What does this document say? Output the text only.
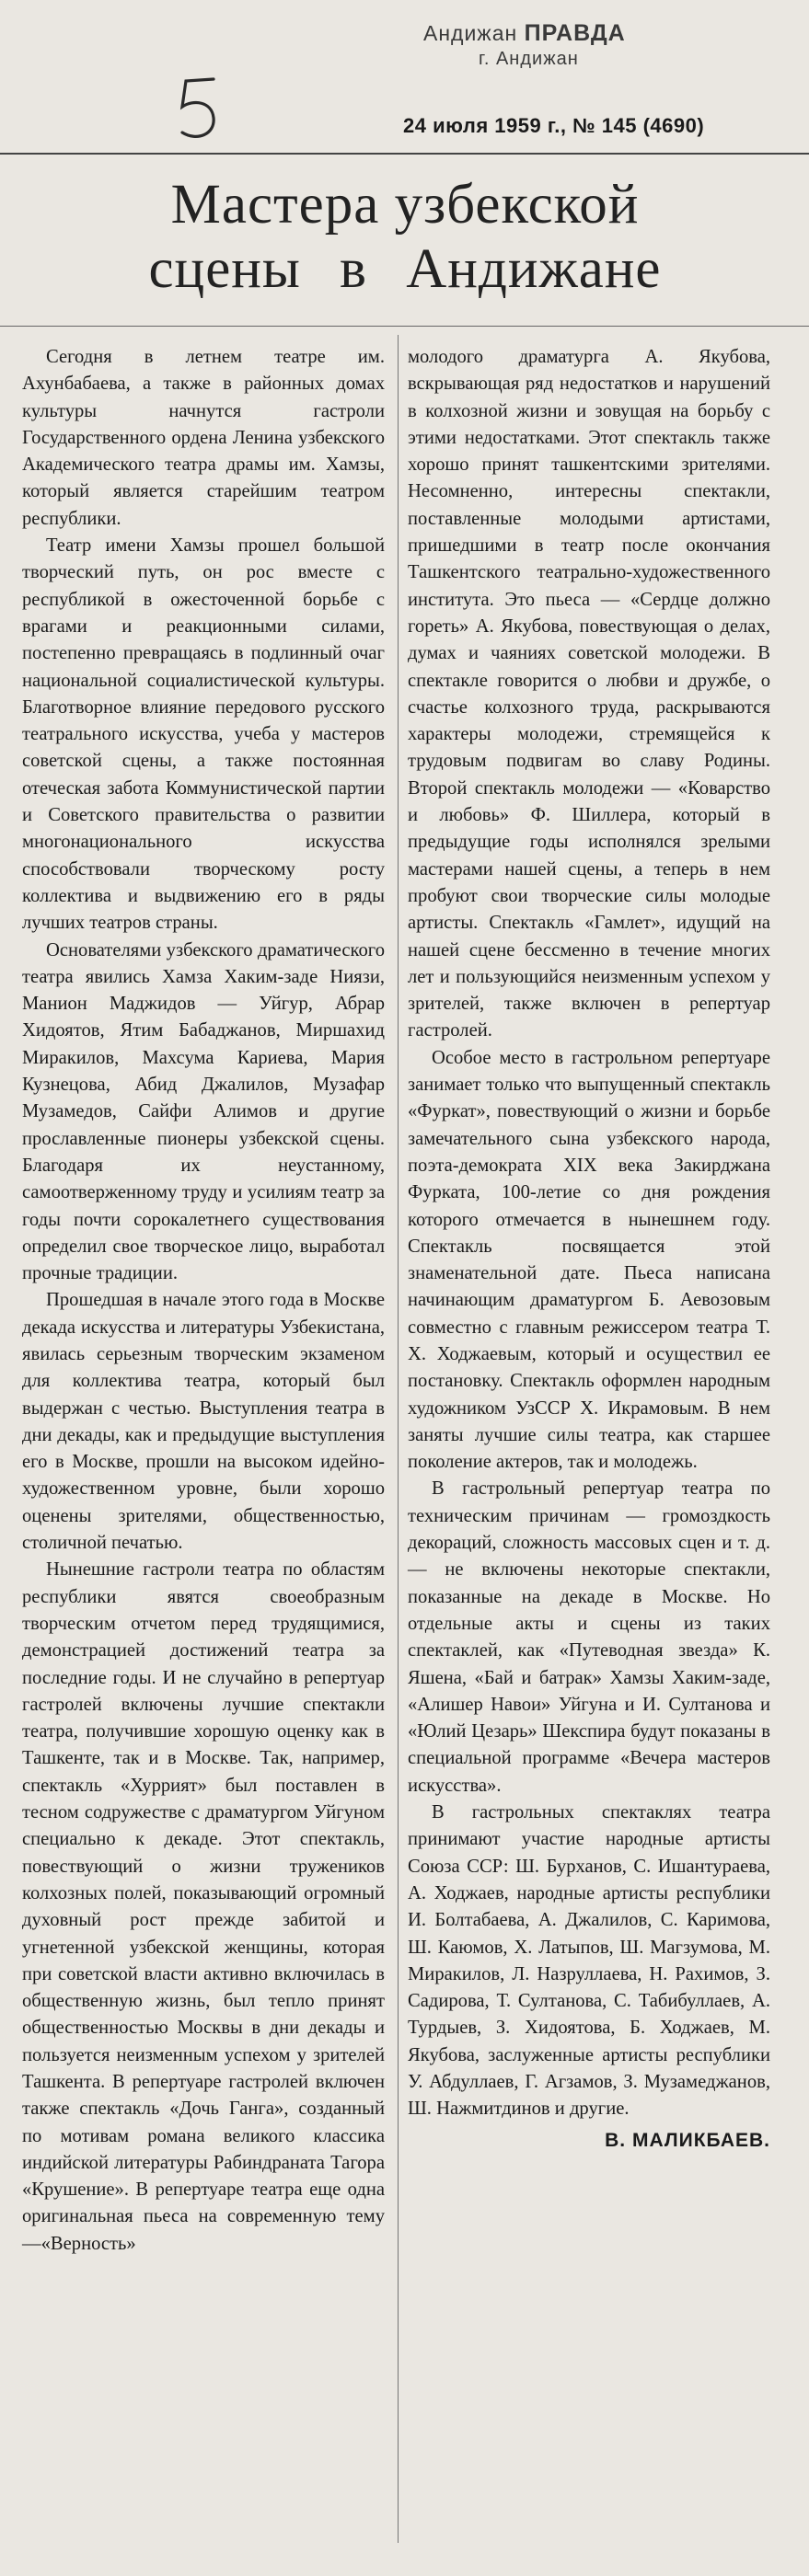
Андижан ПРАВДА
г. Андижан
24 июля 1959 г., № 145 (4690)
Мастера узбекской
сцены в Андижане

Сегодня в летнем театре им. Ахунбабаева, а также в районных домах культуры начнутся гастроли Государственного ордена Ленина узбекского Академического театра драмы им. Хамзы, который является старейшим театром республики.

Театр имени Хамзы прошел большой творческий путь, он рос вместе с республикой в ожесточенной борьбе с врагами и реакционными силами, постепенно превращаясь в подлинный очаг национальной социалистической культуры. Благотворное влияние передового русского театрального искусства, учеба у мастеров советской сцены, а также постоянная отеческая забота Коммунистической партии и Советского правительства о развитии многонационального искусства способствовали творческому росту коллектива и выдвижению его в ряды лучших театров страны.

Основателями узбекского драматического театра явились Хамза Хаким-заде Ниязи, Манион Маджидов — Уйгур, Абрар Хидоятов, Ятим Бабаджанов, Миршахид Миракилов, Махсума Кариева, Мария Кузнецова, Абид Джалилов, Музафар Музамедов, Сайфи Алимов и другие прославленные пионеры узбекской сцены. Благодаря их неустанному, самоотверженному труду и усилиям театр за годы почти сорокалетнего существования определил свое творческое лицо, выработал прочные традиции.

Прошедшая в начале этого года в Москве декада искусства и литературы Узбекистана, явилась серьезным творческим экзаменом для коллектива театра, который был выдержан с честью. Выступления театра в дни декады, как и предыдущие выступления его в Москве, прошли на высоком идейно-художественном уровне, были хорошо оценены зрителями, общественностью, столичной печатью.

Нынешние гастроли театра по областям республики явятся своеобразным творческим отчетом перед трудящимися, демонстрацией достижений театра за последние годы. И не случайно в репертуар гастролей включены лучшие спектакли театра, получившие хорошую оценку как в Ташкенте, так и в Москве. Так, например, спектакль «Хуррият» был поставлен в тесном содружестве с драматургом Уйгуном специально к декаде. Этот спектакль, повествующий о жизни тружеников колхозных полей, показывающий огромный духовный рост прежде забитой и угнетенной узбекской женщины, которая при советской власти активно включилась в общественную жизнь, был тепло принят общественностью Москвы в дни декады и пользуется неизменным успехом у зрителей Ташкента. В репертуаре гастролей включен также спектакль «Дочь Ганга», созданный по мотивам романа великого классика индийской литературы Рабиндраната Тагора «Крушение». В репертуаре театра еще одна оригинальная пьеса на современную тему—«Верность»

молодого драматурга А. Якубова, вскрывающая ряд недостатков и нарушений в колхозной жизни и зовущая на борьбу с этими недостатками. Этот спектакль также хорошо принят ташкентскими зрителями. Несомненно, интересны спектакли, поставленные молодыми артистами, пришедшими в театр после окончания Ташкентского театрально-художественного института. Это пьеса — «Сердце должно гореть» А. Якубова, повествующая о делах, думах и чаяниях советской молодежи. В спектакле говорится о любви и дружбе, о счастье колхозного труда, раскрываются характеры молодежи, стремящейся к трудовым подвигам во славу Родины. Второй спектакль молодежи — «Коварство и любовь» Ф. Шиллера, который в предыдущие годы исполнялся зрелыми мастерами нашей сцены, а теперь в нем пробуют свои творческие силы молодые артисты. Спектакль «Гамлет», идущий на нашей сцене бессменно в течение многих лет и пользующийся неизменным успехом у зрителей, также включен в репертуар гастролей.

Особое место в гастрольном репертуаре занимает только что выпущенный спектакль «Фуркат», повествующий о жизни и борьбе замечательного сына узбекского народа, поэта-демократа XIX века Закирджана Фурката, 100-летие со дня рождения которого отмечается в нынешнем году. Спектакль посвящается этой знаменательной дате. Пьеса написана начинающим драматургом Б. Аевозовым совместно с главным режиссером театра Т. Х. Ходжаевым, который и осуществил ее постановку. Спектакль оформлен народным художником УзССР Х. Икрамовым. В нем заняты лучшие силы театра, как старшее поколение актеров, так и молодежь.

В гастрольный репертуар театра по техническим причинам — громоздкость декораций, сложность массовых сцен и т. д. — не включены некоторые спектакли, показанные на декаде в Москве. Но отдельные акты и сцены из таких спектаклей, как «Путеводная звезда» К. Яшена, «Бай и батрак» Хамзы Хаким-заде, «Алишер Навои» Уйгуна и И. Султанова и «Юлий Цезарь» Шекспира будут показаны в специальной программе «Вечера мастеров искусства».

В гастрольных спектаклях театра принимают участие народные артисты Союза ССР: Ш. Бурханов, С. Ишантураева, А. Ходжаев, народные артисты республики И. Болтабаева, А. Джалилов, С. Каримова, Ш. Каюмов, Х. Латыпов, Ш. Магзумова, М. Миракилов, Л. Назруллаева, Н. Рахимов, З. Садирова, Т. Султанова, С. Табибуллаев, А. Турдыев, З. Хидоятова, Б. Ходжаев, М. Якубова, заслуженные артисты республики У. Абдуллаев, Г. Агзамов, З. Музамеджанов, Ш. Нажмитдинов и другие.

В. МАЛИКБАЕВ.
